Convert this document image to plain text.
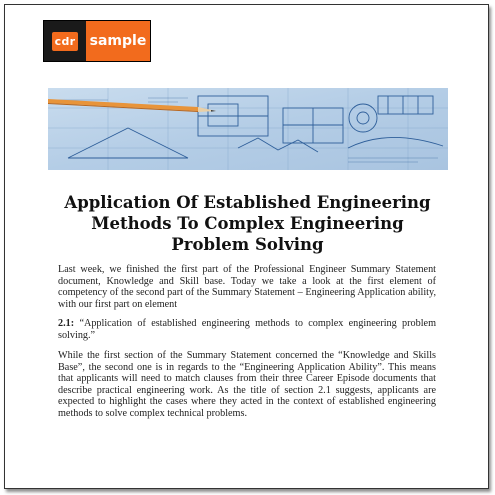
cdr sample
Application Of Established Engineering
Methods To Complex Engineering
Problem Solving

Last week, we finished the first part of the Professional Engineer Summary Statement document, Knowledge and Skill base. Today we take a look at the first element of competency of the second part of the Summary Statement – Engineering Application ability, with our first part on element

2.1: “Application of established engineering methods to complex engineering problem solving.”

While the first section of the Summary Statement concerned the “Knowledge and Skills Base”, the second one is in regards to the “Engineering Application Ability”. This means that applicants will need to match clauses from their three Career Episode documents that describe practical engineering work. As the title of section 2.1 suggests, applicants are expected to highlight the cases where they acted in the context of established engineering methods to solve complex technical problems.
